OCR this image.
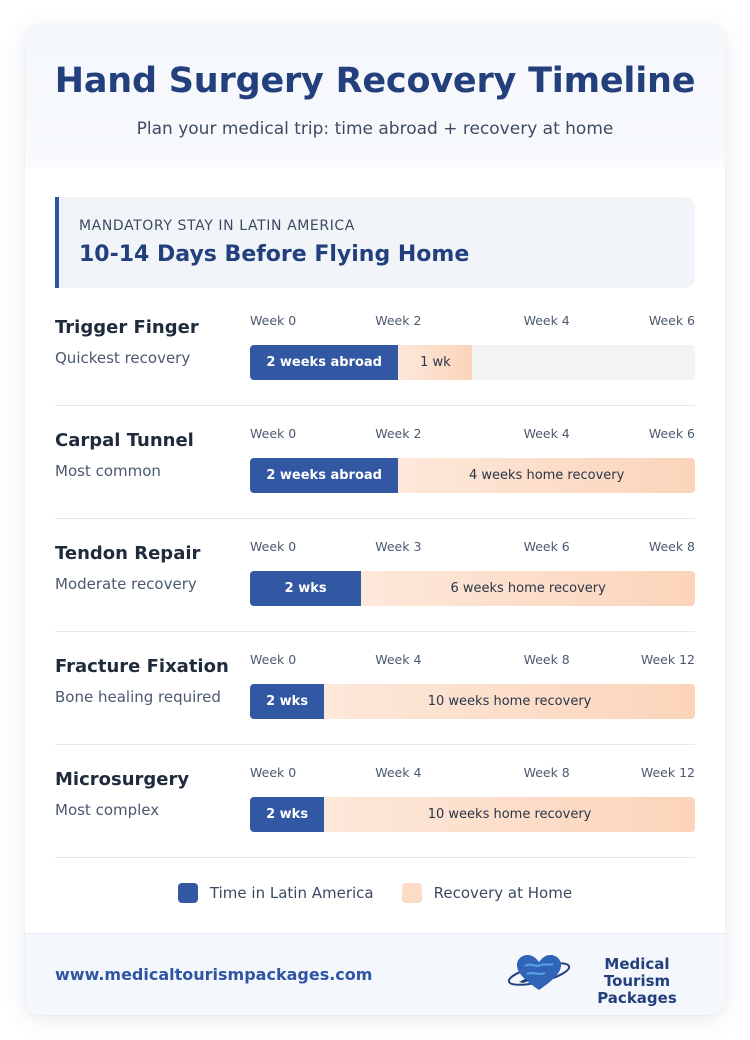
Hand Surgery Recovery Timeline
Plan your medical trip: time abroad + recovery at home
MANDATORY STAY IN LATIN AMERICA
10-14 Days Before Flying Home
Trigger Finger
Quickest recovery
Week 0	Week 2	Week 4	Week 6
2 weeks abroad	1 wk
Carpal Tunnel
Most common
Week 0	Week 2	Week 4	Week 6
2 weeks abroad	4 weeks home recovery
Tendon Repair
Moderate recovery
Week 0	Week 3	Week 6	Week 8
2 wks	6 weeks home recovery
Fracture Fixation
Bone healing required
Week 0	Week 4	Week 8	Week 12
2 wks	10 weeks home recovery
Microsurgery
Most complex
Week 0	Week 4	Week 8	Week 12
2 wks	10 weeks home recovery
Time in Latin America	Recovery at Home
www.medicaltourismpackages.com
Medical Tourism
Packages
